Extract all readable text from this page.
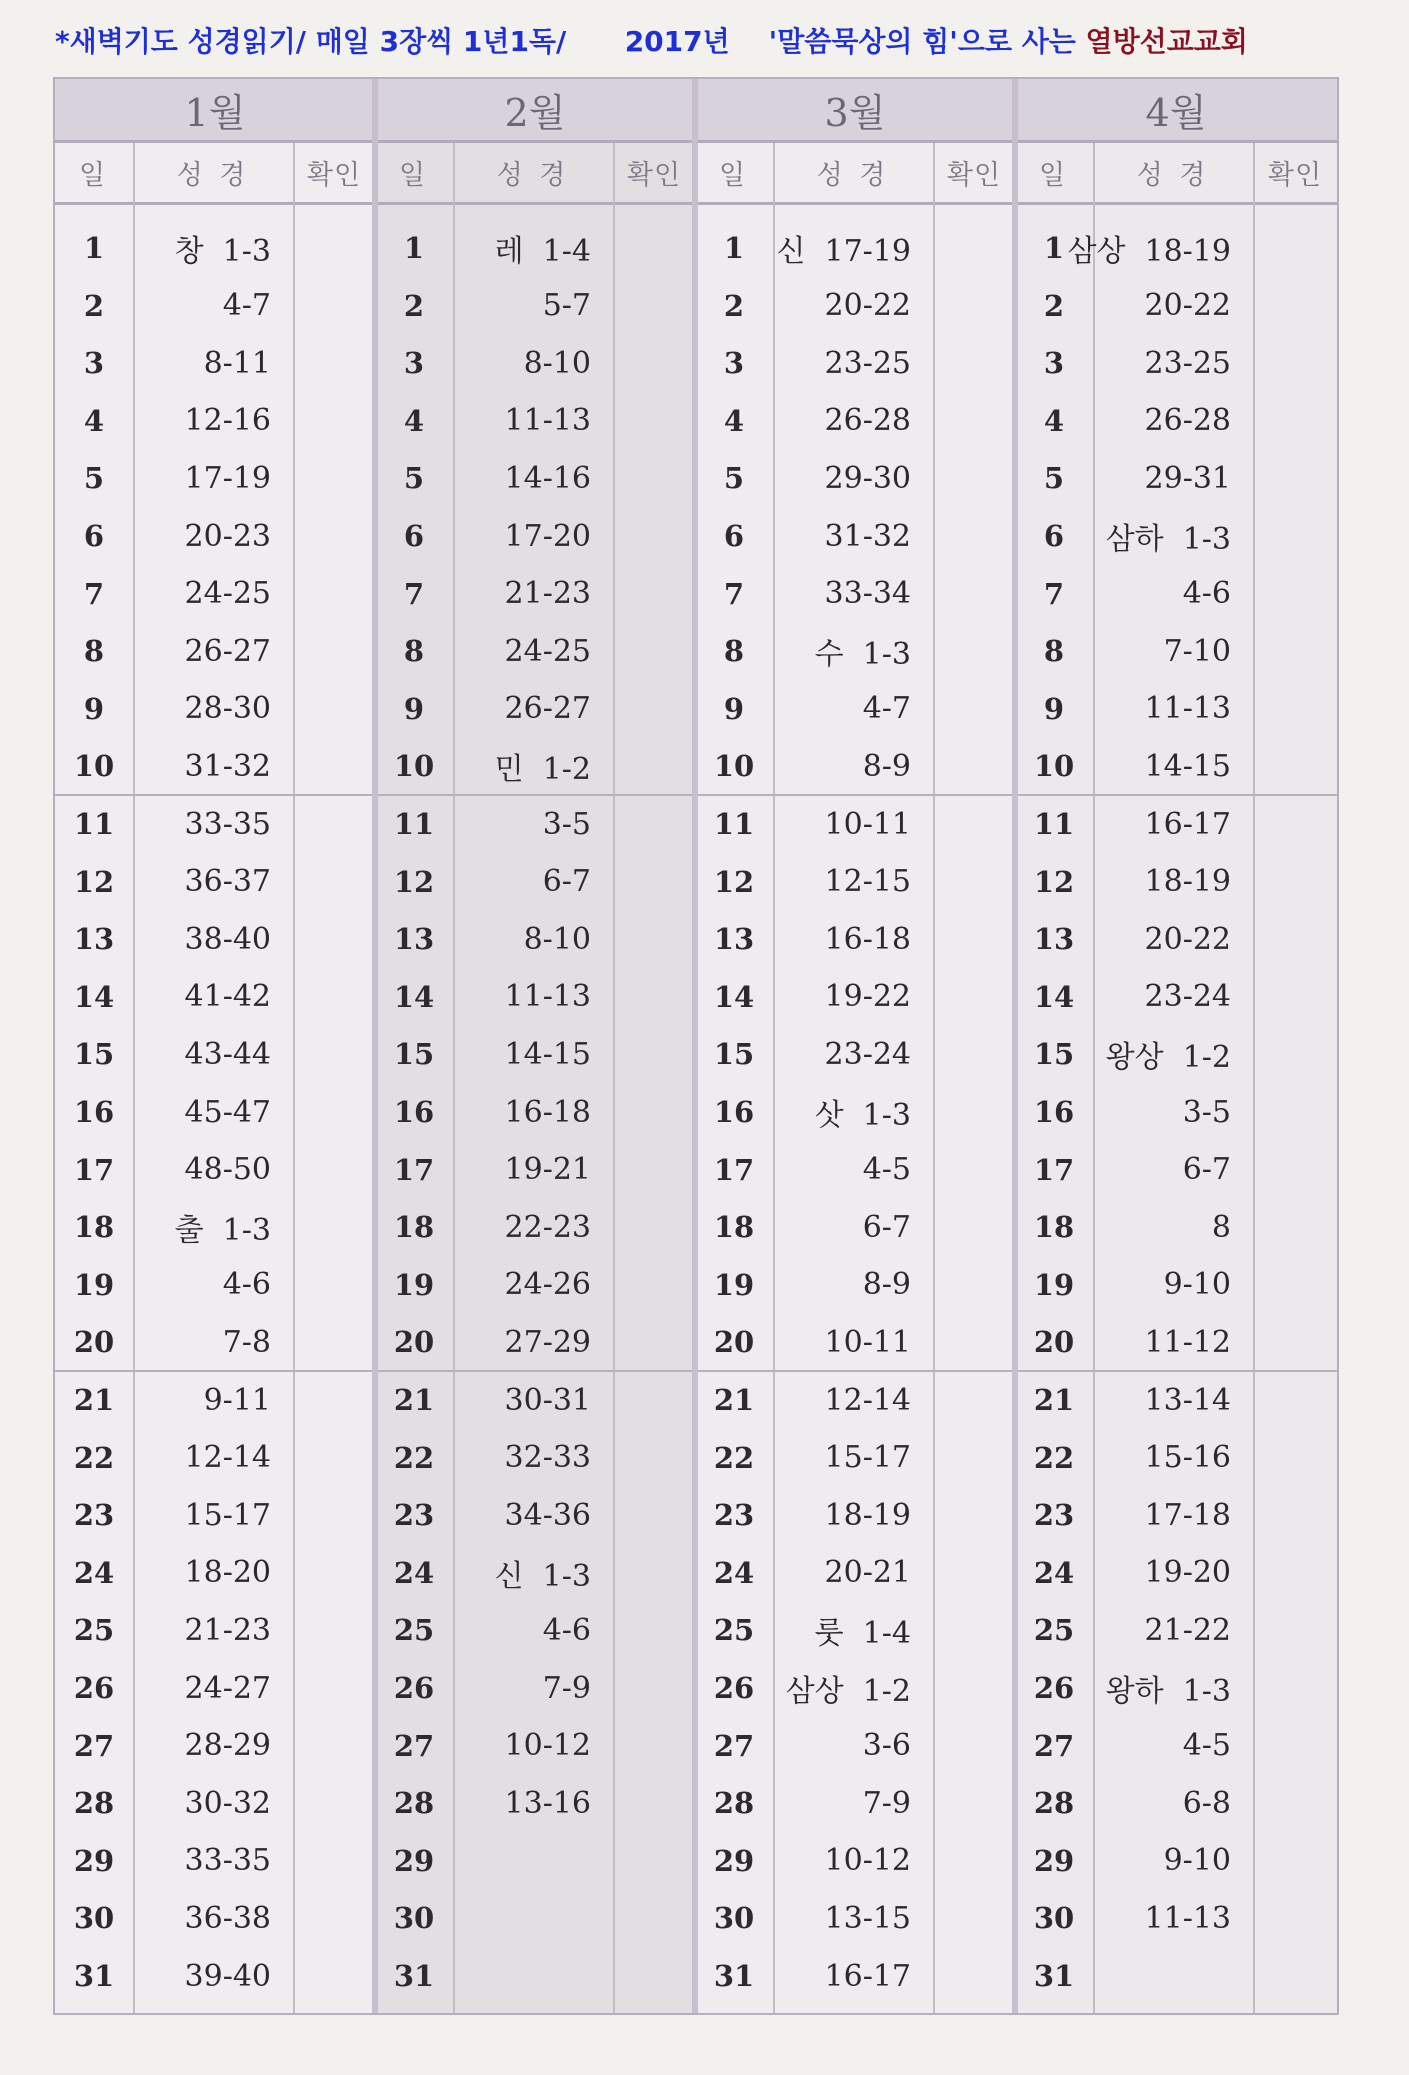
*새벽기도 성경읽기/ 매일 3장씩 1년1독/      2017년    '말씀묵상의 힘'으로 사는 열방선교교회
1월
일	성 경	확인
1	창  1-3
2	4-7
3	8-11
4	12-16
5	17-19
6	20-23
7	24-25
8	26-27
9	28-30
10	31-32
11	33-35
12	36-37
13	38-40
14	41-42
15	43-44
16	45-47
17	48-50
18	출  1-3
19	4-6
20	7-8
21	9-11
22	12-14
23	15-17
24	18-20
25	21-23
26	24-27
27	28-29
28	30-32
29	33-35
30	36-38
31	39-40
2월
일	성 경	확인
1	레  1-4
2	5-7
3	8-10
4	11-13
5	14-16
6	17-20
7	21-23
8	24-25
9	26-27
10	민  1-2
11	3-5
12	6-7
13	8-10
14	11-13
15	14-15
16	16-18
17	19-21
18	22-23
19	24-26
20	27-29
21	30-31
22	32-33
23	34-36
24	신  1-3
25	4-6
26	7-9
27	10-12
28	13-16
29
30
31
3월
일	성 경	확인
1	신  17-19
2	20-22
3	23-25
4	26-28
5	29-30
6	31-32
7	33-34
8	수  1-3
9	4-7
10	8-9
11	10-11
12	12-15
13	16-18
14	19-22
15	23-24
16	삿  1-3
17	4-5
18	6-7
19	8-9
20	10-11
21	12-14
22	15-17
23	18-19
24	20-21
25	룻  1-4
26	삼상  1-2
27	3-6
28	7-9
29	10-12
30	13-15
31	16-17
4월
일	성 경	확인
1 삼상  18-19
2	20-22
3	23-25
4	26-28
5	29-31
6	삼하  1-3
7	4-6
8	7-10
9	11-13
10	14-15
11	16-17
12	18-19
13	20-22
14	23-24
15	왕상  1-2
16	3-5
17	6-7
18	8
19	9-10
20	11-12
21	13-14
22	15-16
23	17-18
24	19-20
25	21-22
26	왕하  1-3
27	4-5
28	6-8
29	9-10
30	11-13
31
